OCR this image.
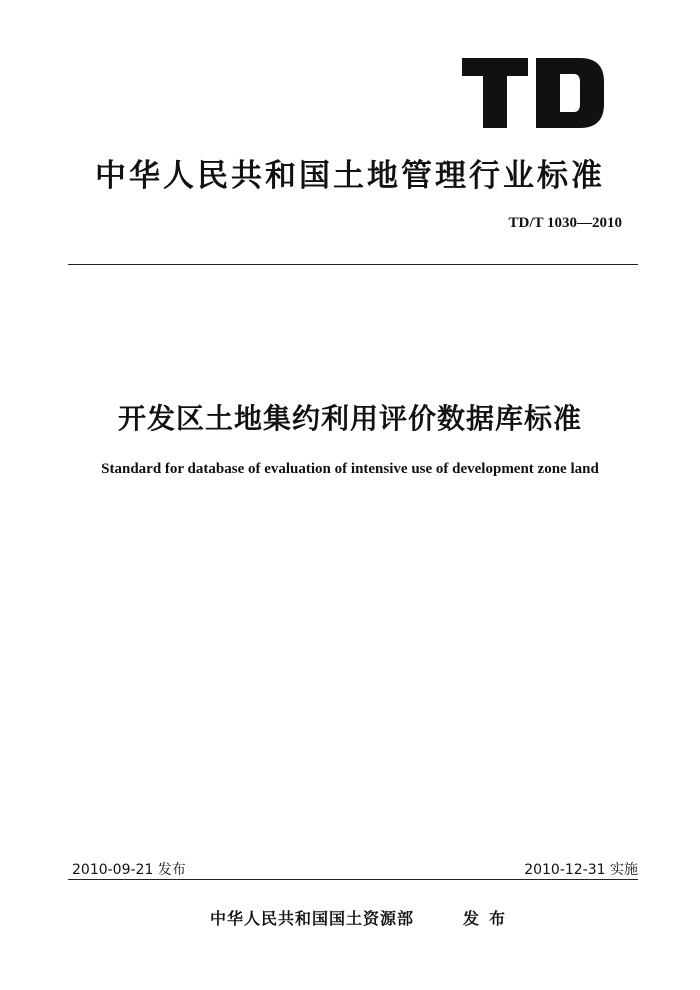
中华人民共和国土地管理行业标准
TD/T 1030—2010
开发区土地集约利用评价数据库标准
Standard for database of evaluation of intensive use of development zone land
2010-09-21 发布	2010-12-31 实施
中华人民共和国国土资源部	发布
